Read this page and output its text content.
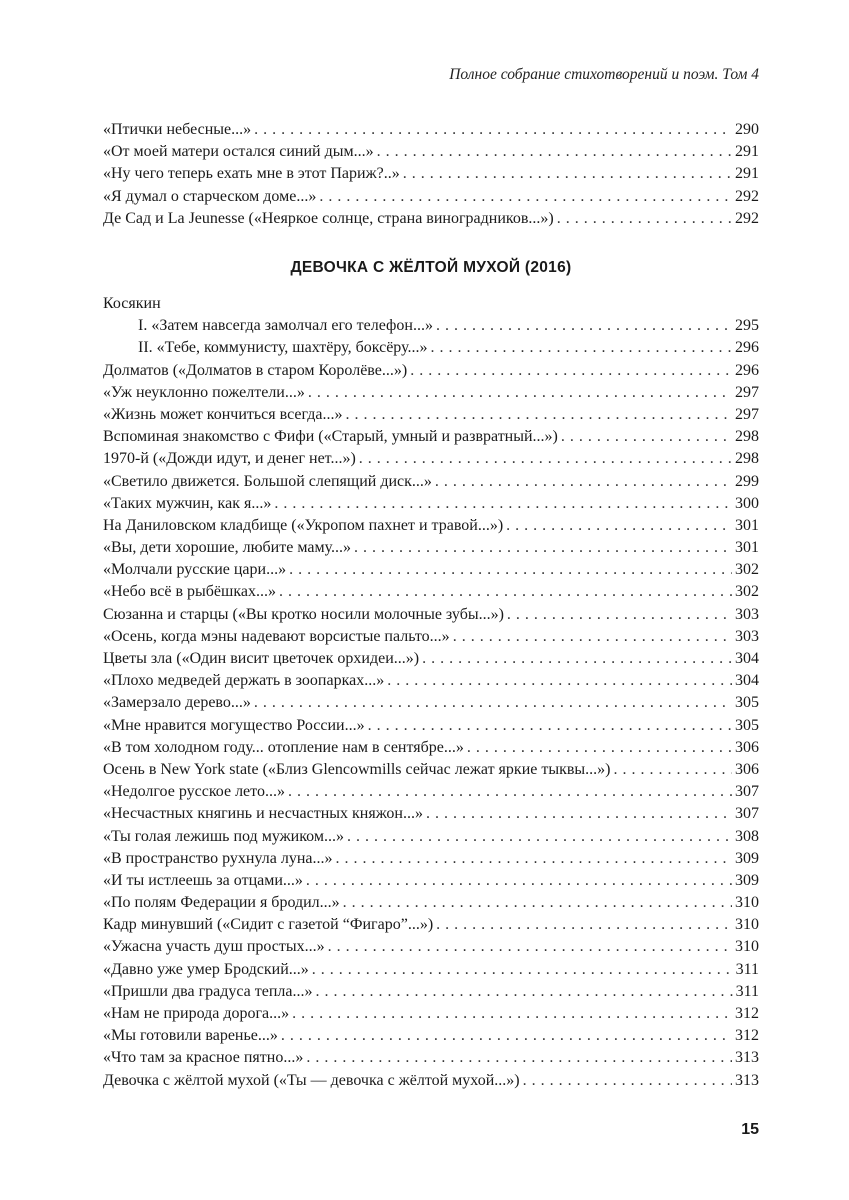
Полное собрание стихотворений и поэм. Том 4
«Птички небесные...» . . .	290
«От моей матери остался синий дым...» . . .	291
«Ну чего теперь ехать мне в этот Париж?..» . . .	291
«Я думал о старческом доме...» . . .	292
Де Сад и La Jeunesse («Неяркое солнце, страна виноградников...») . . .	292
ДЕВОЧКА С ЖЁЛТОЙ МУХОЙ (2016)
Косякин
I. «Затем навсегда замолчал его телефон...» . . .	295
II. «Тебе, коммунисту, шахтёру, боксёру...» . . .	296
Долматов («Долматов в старом Королёве...») . . .	296
«Уж неуклонно пожелтели...» . . .	297
«Жизнь может кончиться всегда...» . . .	297
Вспоминая знакомство с Фифи («Старый, умный и развратный...») . . .	298
1970-й («Дожди идут, и денег нет...») . . .	298
«Светило движется. Большой слепящий диск...» . . .	299
«Таких мужчин, как я...» . . .	300
На Даниловском кладбище («Укропом пахнет и травой...») . . .	301
«Вы, дети хорошие, любите маму...» . . .	301
«Молчали русские цари...» . . .	302
«Небо всё в рыбёшках...» . . .	302
Сюзанна и старцы («Вы кротко носили молочные зубы...») . . .	303
«Осень, когда мэны надевают ворсистые пальто...» . . .	303
Цветы зла («Один висит цветочек орхидеи...») . . .	304
«Плохо медведей держать в зоопарках...» . . .	304
«Замерзало дерево...» . . .	305
«Мне нравится могущество России...» . . .	305
«В том холодном году... отопление нам в сентябре...» . . .	306
Осень в New York state («Близ Glencowmills сейчас лежат яркие тыквы...») . . .	306
«Недолгое русское лето...» . . .	307
«Несчастных княгинь и несчастных княжон...» . . .	307
«Ты голая лежишь под мужиком...» . . .	308
«В пространство рухнула луна...» . . .	309
«И ты истлеешь за отцами...» . . .	309
«По полям Федерации я бродил...» . . .	310
Кадр минувший («Сидит с газетой “Фигаро”...») . . .	310
«Ужасна участь душ простых...» . . .	310
«Давно уже умер Бродский...» . . .	311
«Пришли два градуса тепла...» . . .	311
«Нам не природа дорога...» . . .	312
«Мы готовили варенье...» . . .	312
«Что там за красное пятно...» . . .	313
Девочка с жёлтой мухой («Ты — девочка с жёлтой мухой...») . . .	313
15
